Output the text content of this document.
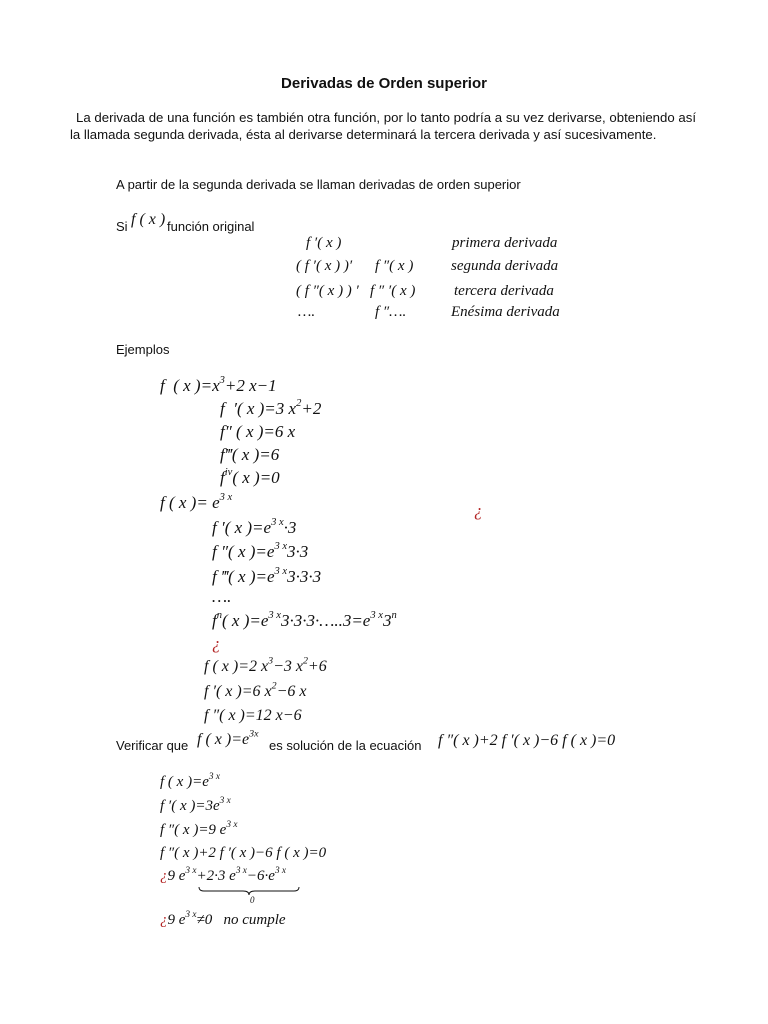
Derivadas de Orden superior
La derivada de una función es también otra función, por lo tanto podría a su vez derivarse, obteniendo así la llamada segunda derivada, ésta al derivarse determinará la tercera derivada y así sucesivamente.
A partir de la segunda derivada se llaman derivadas de orden superior
Si f ( x ) función original
f ′( x )	primera derivada
( f ′( x ) )′ f ″( x )	segunda derivada
( f ″( x ) ) ′ f ″ ′( x )	tercera derivada
….	f ″….	Enésima derivada
Ejemplos
f  ( x )$=x^3+2$ x−1
f  ′( x )=3 $x^2+2$
f″ ( x )=6 x
f‴( x )=6
$f^{iv}$( x )=0
f ( x )= $e^{3 x}$
¿
f ′( x )$=e^{3 x}\cdot 3$
f ″( x )$=e^{3 x}3\cdot 3$
f ‴( x )$=e^{3 x}3\cdot 3\cdot 3$
….
$f^n$( x )$=e^{3 x}3\cdot 3\cdot 3\cdot\dots..3=e^{3 x}3^n$
¿
f ( x )=2 $x^3-3$ $x^2+6$
f ′( x )=6 $x^2-6$ x
f ″( x )=12 x−6
Verificar que f ( x )$=e^{3x}$
es solución de la ecuación f ″( x )+2 f ′( x )−6 f ( x )=0
f ( x )$=e^{3 x}$
f ′( x )$=3e^{3 x}$
f ″( x )=9 $e^{3 x}$
f ″( x )+2 f ′( x )−6 f ( x )=0
¿9 $e^{3 x}+2\cdot 3$ $e^{3 x}-6\cdot e^{3 x}$
0
¿9 $e^{3 x}\ne 0$   no cumple
